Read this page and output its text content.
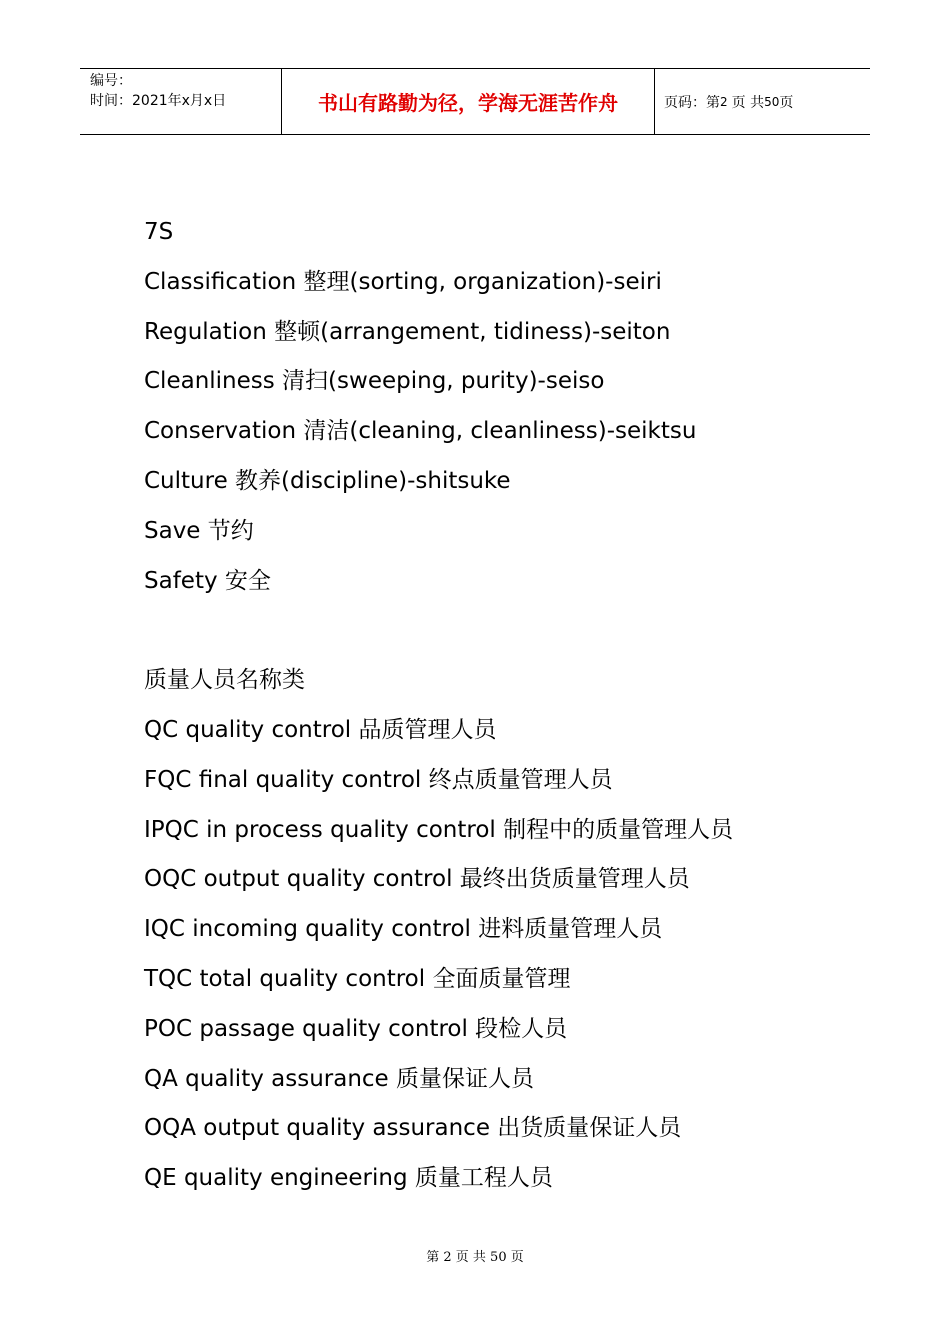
编号：
时间：2021年x月x日	书山有路勤为径，学海无涯苦作舟	页码：第 2 页 共 50 页
7S
Classification 整理(sorting, organization)-seiri
Regulation 整顿(arrangement, tidiness)-seiton
Cleanliness 清扫(sweeping, purity)-seiso
Conservation 清洁(cleaning, cleanliness)-seiktsu
Culture 教养(discipline)-shitsuke
Save 节约
Safety 安全
质量人员名称类
QC quality control 品质管理人员
FQC final quality control 终点质量管理人员
IPQC in process quality control 制程中的质量管理人员
OQC output quality control 最终出货质量管理人员
IQC incoming quality control 进料质量管理人员
TQC total quality control 全面质量管理
POC passage quality control 段检人员
QA quality assurance 质量保证人员
OQA output quality assurance 出货质量保证人员
QE quality engineering 质量工程人员
第 2 页 共 50 页
